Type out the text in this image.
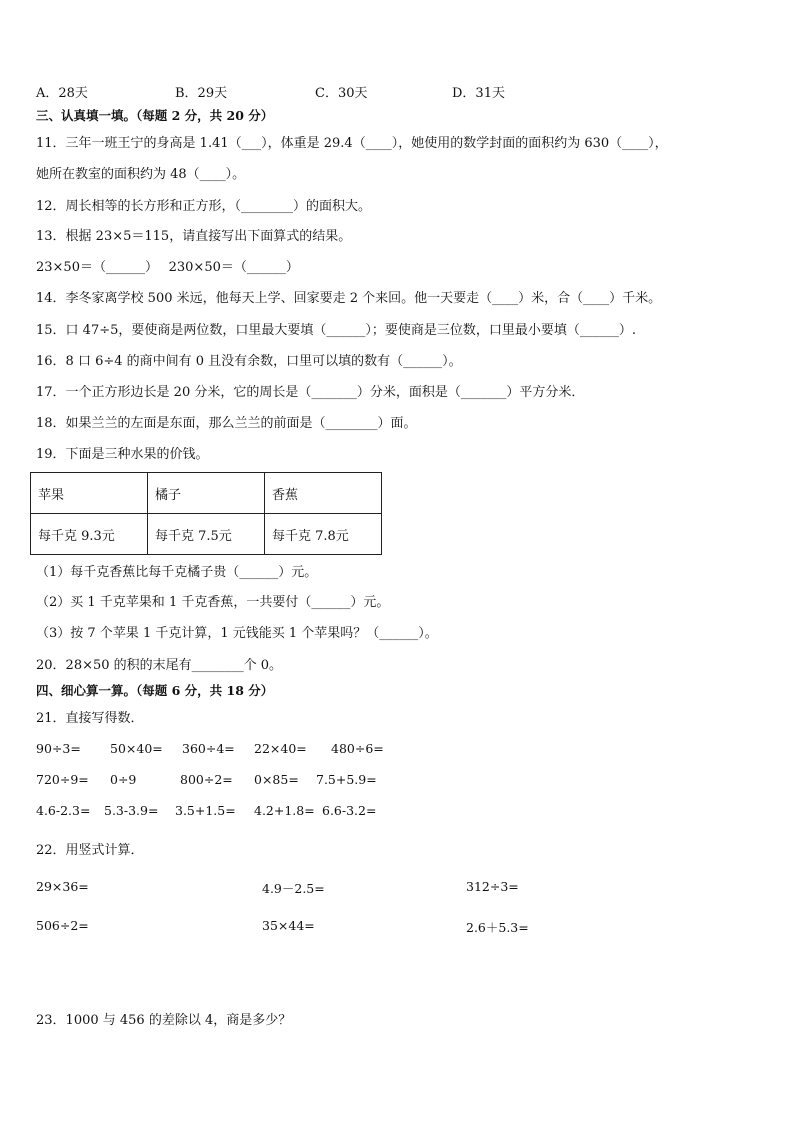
A．28天	B．29天	C．30天	D．31天
三、认真填一填。（每题 2 分，共 20 分）
11．三年一班王宁的身高是 1.41（___），体重是 29.4（____），她使用的数学封面的面积约为 630（____），
她所在教室的面积约为 48（____）。
12．周长相等的长方形和正方形，（________）的面积大。
13．根据 23×5＝115，请直接写出下面算式的结果。
23×50＝（______）　 230×50＝（______）
14．李冬家离学校 500 米远，他每天上学、回家要走 2 个来回。他一天要走（____）米，合（____）千米。
15．口 47÷5，要使商是两位数，口里最大要填（______）；要使商是三位数，口里最小要填（______）.
16．8 口 6÷4 的商中间有 0 且没有余数，口里可以填的数有（______）。
17．一个正方形边长是 20 分米，它的周长是（_______）分米，面积是（_______）平方分米．
18．如果兰兰的左面是东面，那么兰兰的前面是（________）面。
19．下面是三种水果的价钱。
苹果	橘子	香蕉
每千克 9.3元	每千克 7.5元	每千克 7.8元
（1）每千克香蕉比每千克橘子贵（______）元。
（2）买 1 千克苹果和 1 千克香蕉，一共要付（______）元。
（3）按 7 个苹果 1 千克计算，1 元钱能买 1 个苹果吗？（______）。
20．28×50 的积的末尾有________个 0。
四、细心算一算。（每题 6 分，共 18 分）
21．直接写得数．
90÷3= 50×40= 360÷4= 22×40= 480÷6=
720÷9= 0÷9	800÷2= 0×85= 7.5+5.9=
4.6-2.3= 5.3-3.9= 3.5+1.5= 4.2+1.8= 6.6-3.2=
22．用竖式计算．
29×36=	4.9－2.5=	312÷3=
506÷2=	35×44=	2.6＋5.3=
23．1000 与 456 的差除以 4，商是多少？
